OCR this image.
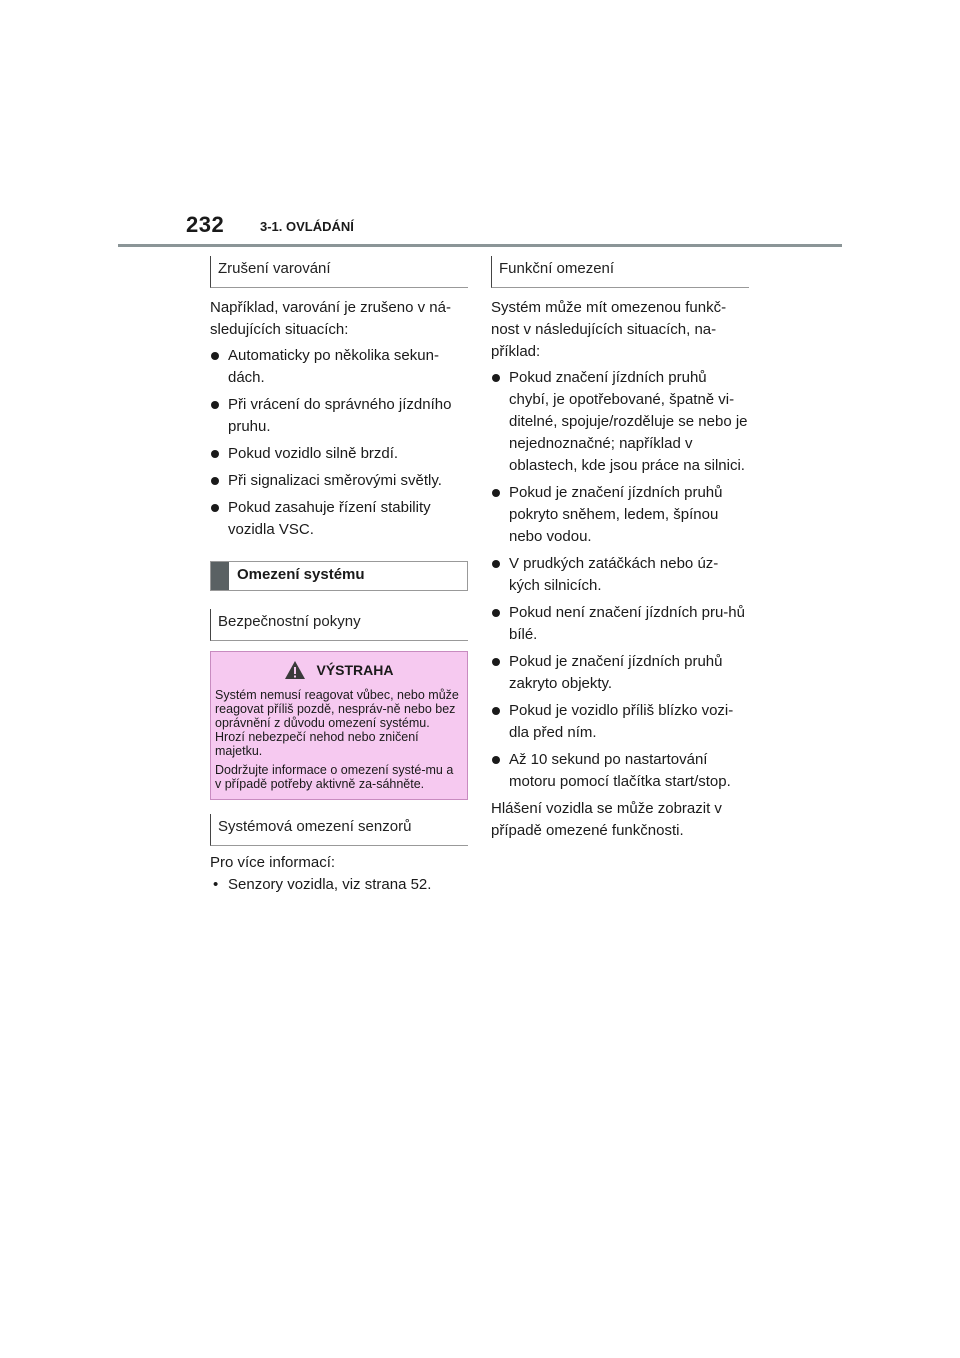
232	3-1. OVLÁDÁNÍ
Zrušení varování

Například, varování je zrušeno v ná-sledujících situacích:

Automaticky po několika sekun-dách.
Při vrácení do správného jízdního pruhu.
Pokud vozidlo silně brzdí.
Při signalizaci směrovými světly.
Pokud zasahuje řízení stability vozidla VSC.
Omezení systému
Bezpečnostní pokyny
VÝSTRAHA

Systém nemusí reagovat vůbec, nebo může reagovat příliš pozdě, nespráv-ně nebo bez oprávnění z důvodu omezení systému. Hrozí nebezpečí nehod nebo zničení majetku.

Dodržujte informace o omezení systé-mu a v případě potřeby aktivně za-sáhněte.

Systémová omezení senzorů

Pro více informací:

• Senzory vozidla, viz strana 52.
Funkční omezení

Systém může mít omezenou funkč-nost v následujících situacích, na-příklad:

Pokud značení jízdních pruhů chybí, je opotřebované, špatně vi-ditelné, spojuje/rozděluje se nebo je nejednoznačné; například v oblastech, kde jsou práce na silnici.
Pokud je značení jízdních pruhů pokryto sněhem, ledem, špínou nebo vodou.
V prudkých zatáčkách nebo úz-kých silnicích.
Pokud není značení jízdních pru-hů bílé.
Pokud je značení jízdních pruhů zakryto objekty.
Pokud je vozidlo příliš blízko vozi-dla před ním.
Až 10 sekund po nastartování motoru pomocí tlačítka start/stop.

Hlášení vozidla se může zobrazit v případě omezené funkčnosti.
